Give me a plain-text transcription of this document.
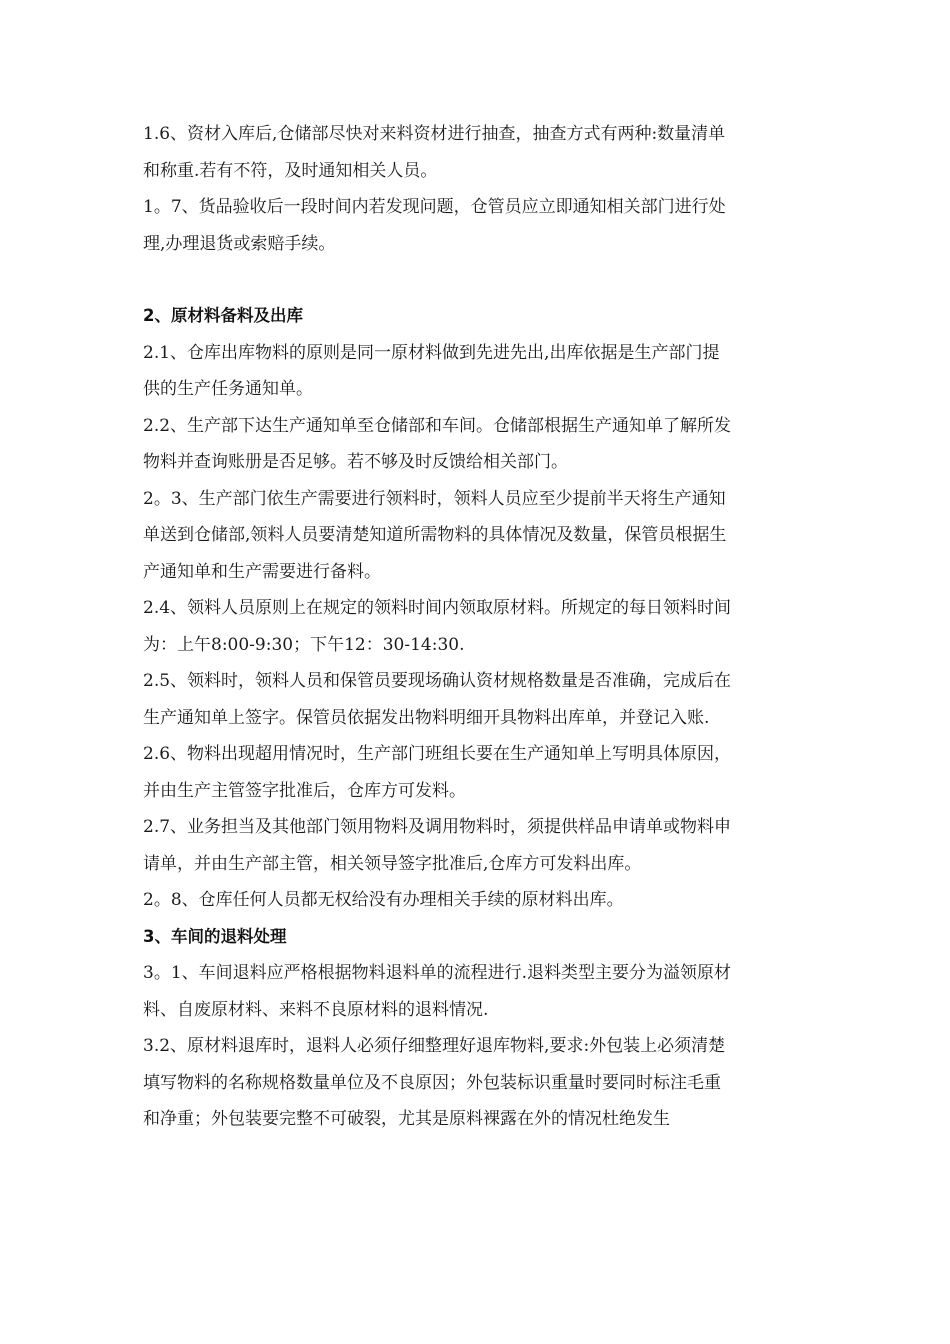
1.6、资材入库后,仓储部尽快对来料资材进行抽查，抽查方式有两种:数量清单

和称重.若有不符，及时通知相关人员。

1。7、货品验收后一段时间内若发现问题，仓管员应立即通知相关部门进行处

理,办理退货或索赔手续。

2、原材料备料及出库

2.1、仓库出库物料的原则是同一原材料做到先进先出,出库依据是生产部门提

供的生产任务通知单。

2.2、生产部下达生产通知单至仓储部和车间。仓储部根据生产通知单了解所发

物料并查询账册是否足够。若不够及时反馈给相关部门。

2。3、生产部门依生产需要进行领料时，领料人员应至少提前半天将生产通知

单送到仓储部,领料人员要清楚知道所需物料的具体情况及数量，保管员根据生

产通知单和生产需要进行备料。

2.4、领料人员原则上在规定的领料时间内领取原材料。所规定的每日领料时间

为：上午8:00-9:30；下午12：30-14:30.

2.5、领料时，领料人员和保管员要现场确认资材规格数量是否准确，完成后在

生产通知单上签字。保管员依据发出物料明细开具物料出库单，并登记入账.

2.6、物料出现超用情况时，生产部门班组长要在生产通知单上写明具体原因，

并由生产主管签字批准后，仓库方可发料。

2.7、业务担当及其他部门领用物料及调用物料时，须提供样品申请单或物料申

请单，并由生产部主管，相关领导签字批准后,仓库方可发料出库。

2。8、仓库任何人员都无权给没有办理相关手续的原材料出库。

3、车间的退料处理

3。1、车间退料应严格根据物料退料单的流程进行.退料类型主要分为溢领原材

料、自废原材料、来料不良原材料的退料情况.

3.2、原材料退库时，退料人必须仔细整理好退库物料,要求:外包装上必须清楚

填写物料的名称规格数量单位及不良原因；外包装标识重量时要同时标注毛重

和净重；外包装要完整不可破裂，尤其是原料裸露在外的情况杜绝发生
